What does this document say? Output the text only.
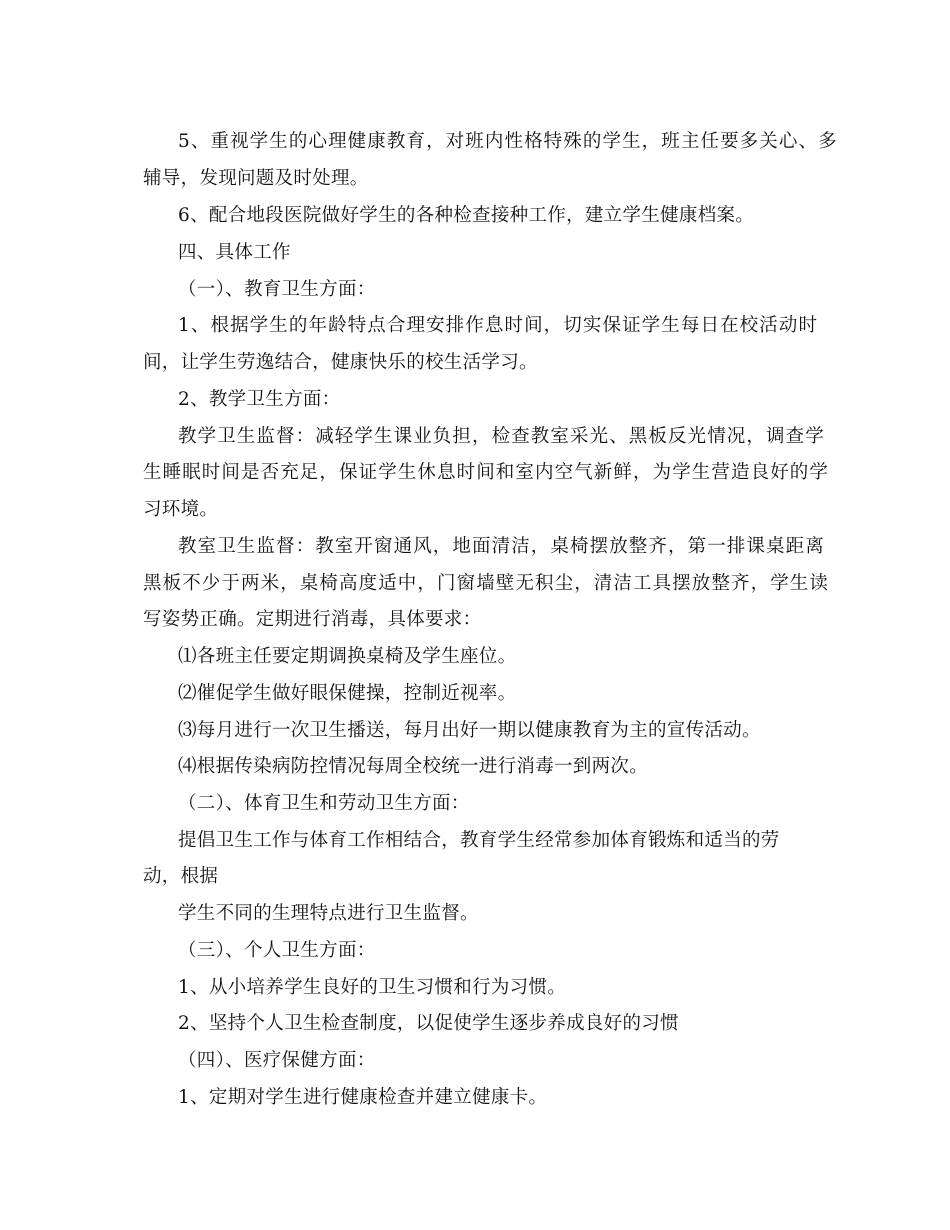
5、重视学生的心理健康教育，对班内性格特殊的学生，班主任要多关心、多

辅导，发现问题及时处理。

6、配合地段医院做好学生的各种检查接种工作，建立学生健康档案。

四、具体工作

（一）、教育卫生方面：

1、根据学生的年龄特点合理安排作息时间，切实保证学生每日在校活动时

间，让学生劳逸结合，健康快乐的校生活学习。

2、教学卫生方面：

教学卫生监督：减轻学生课业负担，检查教室采光、黑板反光情况，调查学

生睡眠时间是否充足，保证学生休息时间和室内空气新鲜，为学生营造良好的学

习环境。

教室卫生监督：教室开窗通风，地面清洁，桌椅摆放整齐，第一排课桌距离

黑板不少于两米，桌椅高度适中，门窗墙壁无积尘，清洁工具摆放整齐，学生读

写姿势正确。定期进行消毒，具体要求：

⑴各班主任要定期调换桌椅及学生座位。

⑵催促学生做好眼保健操，控制近视率。

⑶每月进行一次卫生播送，每月出好一期以健康教育为主的宣传活动。

⑷根据传染病防控情况每周全校统一进行消毒一到两次。

（二）、体育卫生和劳动卫生方面：

提倡卫生工作与体育工作相结合，教育学生经常参加体育锻炼和适当的劳

动，根据

学生不同的生理特点进行卫生监督。

（三）、个人卫生方面：

1、从小培养学生良好的卫生习惯和行为习惯。

2、坚持个人卫生检查制度，以促使学生逐步养成良好的习惯

（四）、医疗保健方面：

1、定期对学生进行健康检查并建立健康卡。
